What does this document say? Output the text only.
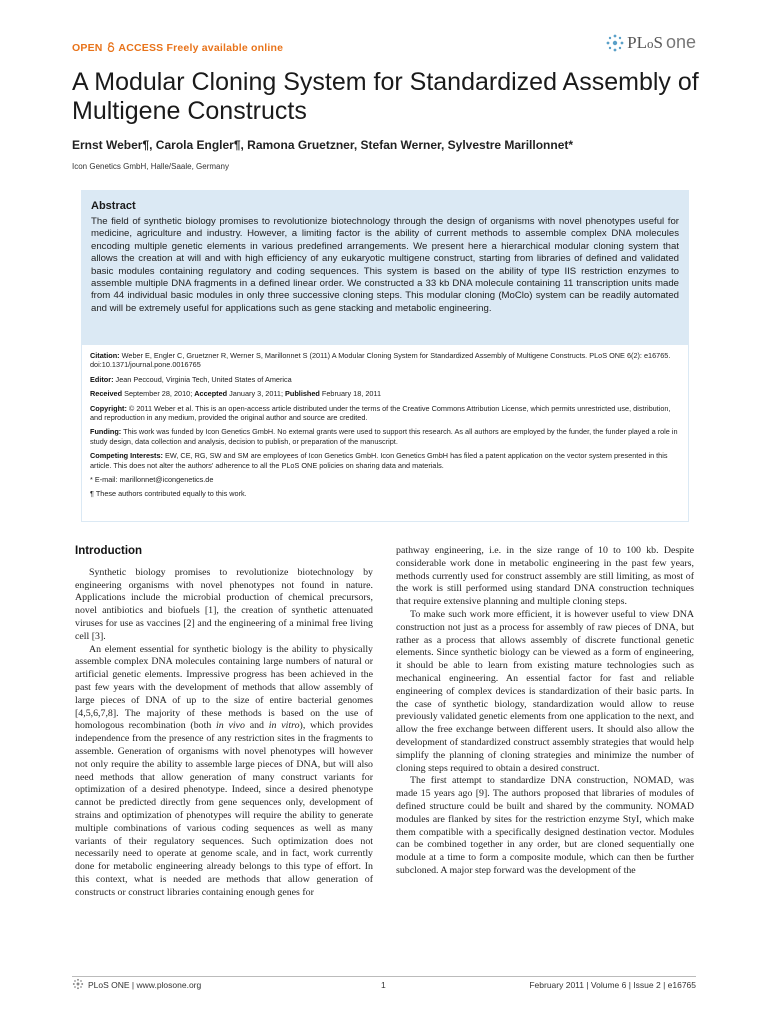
OPEN ACCESS Freely available online	PLoS one
A Modular Cloning System for Standardized Assembly of Multigene Constructs
Ernst Weber¶, Carola Engler¶, Ramona Gruetzner, Stefan Werner, Sylvestre Marillonnet*
Icon Genetics GmbH, Halle/Saale, Germany
Abstract

The field of synthetic biology promises to revolutionize biotechnology through the design of organisms with novel phenotypes useful for medicine, agriculture and industry. However, a limiting factor is the ability of current methods to assemble complex DNA molecules encoding multiple genetic elements in various predefined arrangements. We present here a hierarchical modular cloning system that allows the creation at will and with high efficiency of any eukaryotic multigene construct, starting from libraries of defined and validated basic modules containing regulatory and coding sequences. This system is based on the ability of type IIS restriction enzymes to assemble multiple DNA fragments in a defined linear order. We constructed a 33 kb DNA molecule containing 11 transcription units made from 44 individual basic modules in only three successive cloning steps. This modular cloning (MoClo) system can be readily automated and will be extremely useful for applications such as gene stacking and metabolic engineering.

Citation: Weber E, Engler C, Gruetzner R, Werner S, Marillonnet S (2011) A Modular Cloning System for Standardized Assembly of Multigene Constructs. PLoS ONE 6(2): e16765. doi:10.1371/journal.pone.0016765

Editor: Jean Peccoud, Virginia Tech, United States of America

Received September 28, 2010; Accepted January 3, 2011; Published February 18, 2011

Copyright: © 2011 Weber et al. This is an open-access article distributed under the terms of the Creative Commons Attribution License, which permits unrestricted use, distribution, and reproduction in any medium, provided the original author and source are credited.

Funding: This work was funded by Icon Genetics GmbH. No external grants were used to support this research. As all authors are employed by the funder, the funder played a role in study design, data collection and analysis, decision to publish, or preparation of the manuscript.

Competing Interests: EW, CE, RG, SW and SM are employees of Icon Genetics GmbH. Icon Genetics GmbH has filed a patent application on the vector system presented in this article. This does not alter the authors' adherence to all the PLoS ONE policies on sharing data and materials.

* E-mail: marillonnet@icongenetics.de

¶ These authors contributed equally to this work.

Introduction

Synthetic biology promises to revolutionize biotechnology by engineering organisms with novel phenotypes not found in nature. Applications include the microbial production of chemical precursors, novel antibiotics and biofuels [1], the creation of synthetic attenuated viruses for use as vaccines [2] and the engineering of a minimal free living cell [3].

An element essential for synthetic biology is the ability to physically assemble complex DNA molecules containing large numbers of natural or artificial genetic elements. Impressive progress has been achieved in the past few years with the development of methods that allow assembly of large pieces of DNA of up to the size of entire bacterial genomes [4,5,6,7,8]. The majority of these methods is based on the use of homologous recombination (both in vivo and in vitro), which provides independence from the presence of any restriction sites in the fragments to assemble. Generation of organisms with novel phenotypes will however not only require the ability to assemble large pieces of DNA, but will also need methods that allow generation of many construct variants for optimization of a desired phenotype. Indeed, since a desired phenotype cannot be predicted directly from gene sequences only, development of strains and optimization of phenotypes will require the ability to generate multiple combinations of various coding sequences as well as many variants of their regulatory sequences. Such optimization does not necessarily need to operate at genome scale, and in fact, work currently done for metabolic engineering already belongs to this type of effort. In this context, what is needed are methods that allow generation of constructs or construct libraries containing enough genes for

pathway engineering, i.e. in the size range of 10 to 100 kb. Despite considerable work done in metabolic engineering in the past few years, methods currently used for construct assembly are still limiting, as most of the work is still performed using standard DNA construction techniques that require extensive planning and multiple cloning steps.

To make such work more efficient, it is however useful to view DNA construction not just as a process for assembly of raw pieces of DNA, but rather as a process that allows assembly of discrete functional genetic elements. Since synthetic biology can be viewed as a form of engineering, it should be able to learn from existing mature technologies such as mechanical engineering. An essential factor for fast and reliable engineering of complex devices is standardization of their basic parts. In the case of synthetic biology, standardization would allow to reuse previously validated genetic elements from one application to the next, and allow the free exchange between different users. It should also allow the development of standardized construct assembly strategies that would help simplify the planning of cloning strategies and minimize the number of cloning steps required to obtain a desired construct.

The first attempt to standardize DNA construction, NOMAD, was made 15 years ago [9]. The authors proposed that libraries of modules of defined structure could be built and shared by the community. NOMAD modules are flanked by sites for the restriction enzyme StyI, which make them compatible with a specifically designed destination vector. Modules can be combined together in any order, but are cloned sequentially one module at a time to form a composite module, which can then be further subcloned. A major step forward was the development of the

PLoS ONE | www.plosone.org	1	February 2011 | Volume 6 | Issue 2 | e16765
